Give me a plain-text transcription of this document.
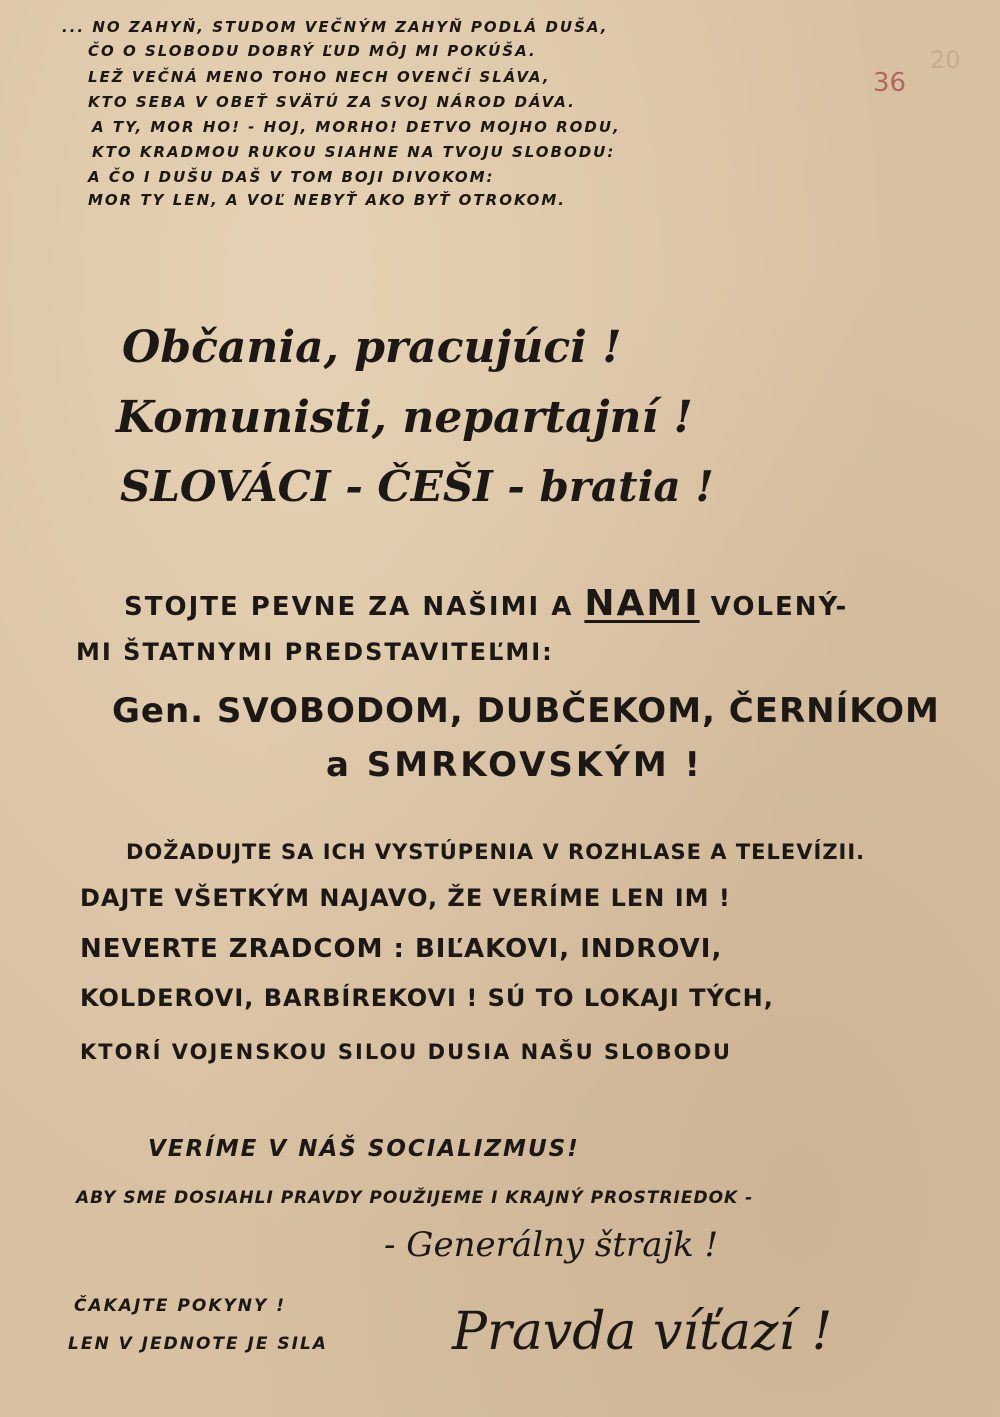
36
20
... NO ZAHYŇ, STUDOM VEČNÝM ZAHYŇ PODLÁ DUŠA,
ČO O SLOBODU DOBRÝ ĽUD MÔJ MI POKÚŠA.
LEŽ VEČNÁ MENO TOHO NECH OVENČÍ SLÁVA,
KTO SEBA V OBEŤ SVÄTÚ ZA SVOJ NÁROD DÁVA.
A TY, MOR HO! - HOJ, MORHO! DETVO MOJHO RODU,
KTO KRADMOU RUKOU SIAHNE NA TVOJU SLOBODU:
A ČO I DUŠU DAŠ V TOM BOJI DIVOKOM:
MOR TY LEN, A VOĽ NEBYŤ AKO BYŤ OTROKOM.
Občania, pracujúci !
Komunisti, nepartajní !
SLOVÁCI - ČEŠI - bratia !
STOJTE PEVNE ZA NAŠIMI A NAMI VOLENÝ-
MI ŠTATNYMI PREDSTAVITEĽMI:
Gen. SVOBODOM, DUBČEKOM, ČERNÍKOM
a SMRKOVSKÝM !
DOŽADUJTE SA ICH VYSTÚPENIA V ROZHLASE A TELEVÍZII.
DAJTE VŠETKÝM NAJAVO, ŽE VERÍME LEN IM !
NEVERTE ZRADCOM : BIĽAKOVI, INDROVI,
KOLDEROVI, BARBÍREKOVI ! SÚ TO LOKAJI TÝCH,
KTORÍ VOJENSKOU SILOU DUSIA NAŠU SLOBODU
VERÍME V NÁŠ SOCIALIZMUS!
ABY SME DOSIAHLI PRAVDY POUŽIJEME I KRAJNÝ PROSTRIEDOK -
- Generálny štrajk !
ČAKAJTE POKYNY !
LEN V JEDNOTE JE SILA Pravda víťazí !
